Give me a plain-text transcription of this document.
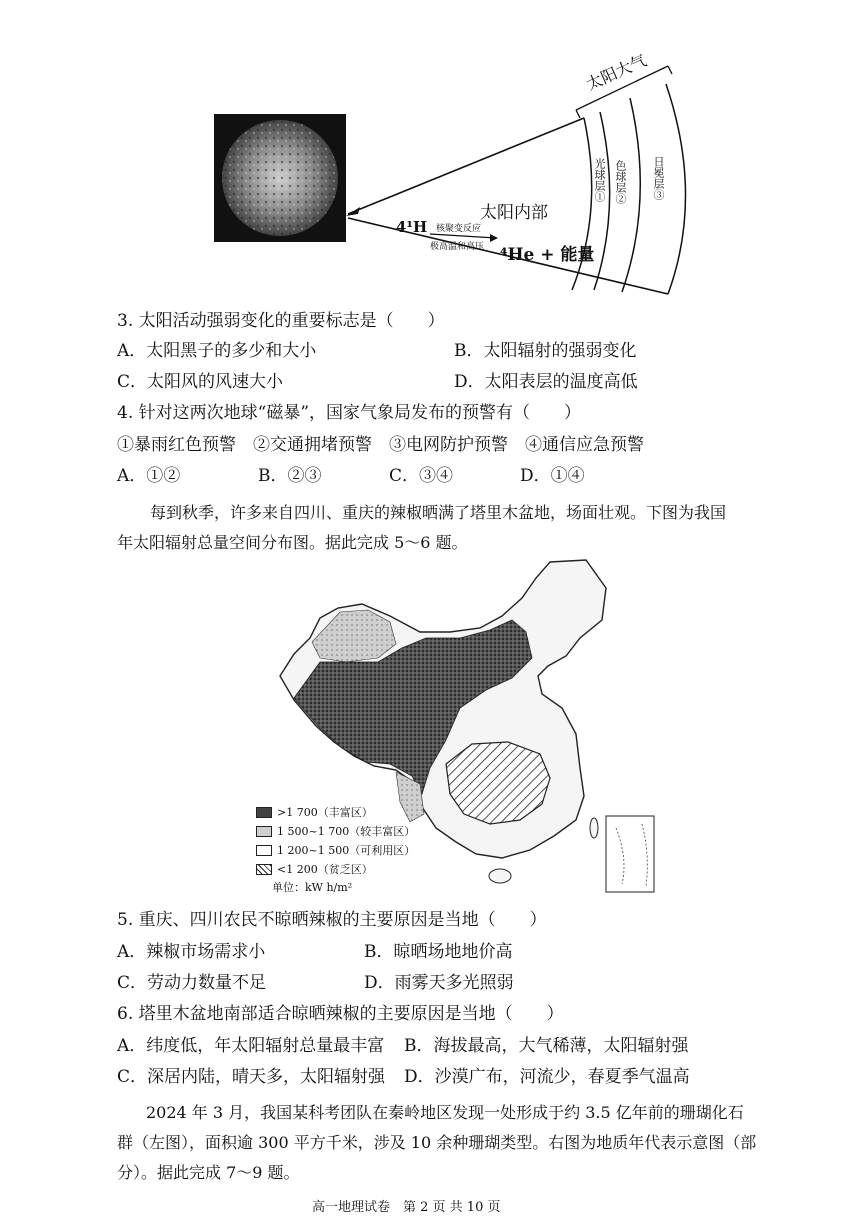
太阳大气
太阳内部
4¹H 核聚变反应
极高温和高压 ⁴He + 能量
光球层① 色球层② 日冕层③
3. 太阳活动强弱变化的重要标志是（　　）
A．太阳黑子的多少和大小	B．太阳辐射的强弱变化
C．太阳风的风速大小	D．太阳表层的温度高低
4. 针对这两次地球“磁暴”，国家气象局发布的预警有（　　）
①暴雨红色预警　②交通拥堵预警　③电网防护预警　④通信应急预警
A．①②	B．②③	C．③④	D．①④
每到秋季，许多来自四川、重庆的辣椒晒满了塔里木盆地，场面壮观。下图为我国
年太阳辐射总量空间分布图。据此完成 5～6 题。
>1 700（丰富区）
1 500~1 700（较丰富区）
1 200~1 500（可利用区）
<1 200（贫乏区）
单位：kW h/m²
5. 重庆、四川农民不晾晒辣椒的主要原因是当地（　　）
A．辣椒市场需求小	B．晾晒场地地价高
C．劳动力数量不足	D．雨雾天多光照弱
6. 塔里木盆地南部适合晾晒辣椒的主要原因是当地（　　）
A．纬度低，年太阳辐射总量最丰富 B．海拔最高，大气稀薄，太阳辐射强
C．深居内陆，晴天多，太阳辐射强 D．沙漠广布，河流少，春夏季气温高
2024 年 3 月，我国某科考团队在秦岭地区发现一处形成于约 3.5 亿年前的珊瑚化石
群（左图），面积逾 300 平方千米，涉及 10 余种珊瑚类型。右图为地质年代表示意图（部
分）。据此完成 7～9 题。
高一地理试卷　第 2 页 共 10 页
